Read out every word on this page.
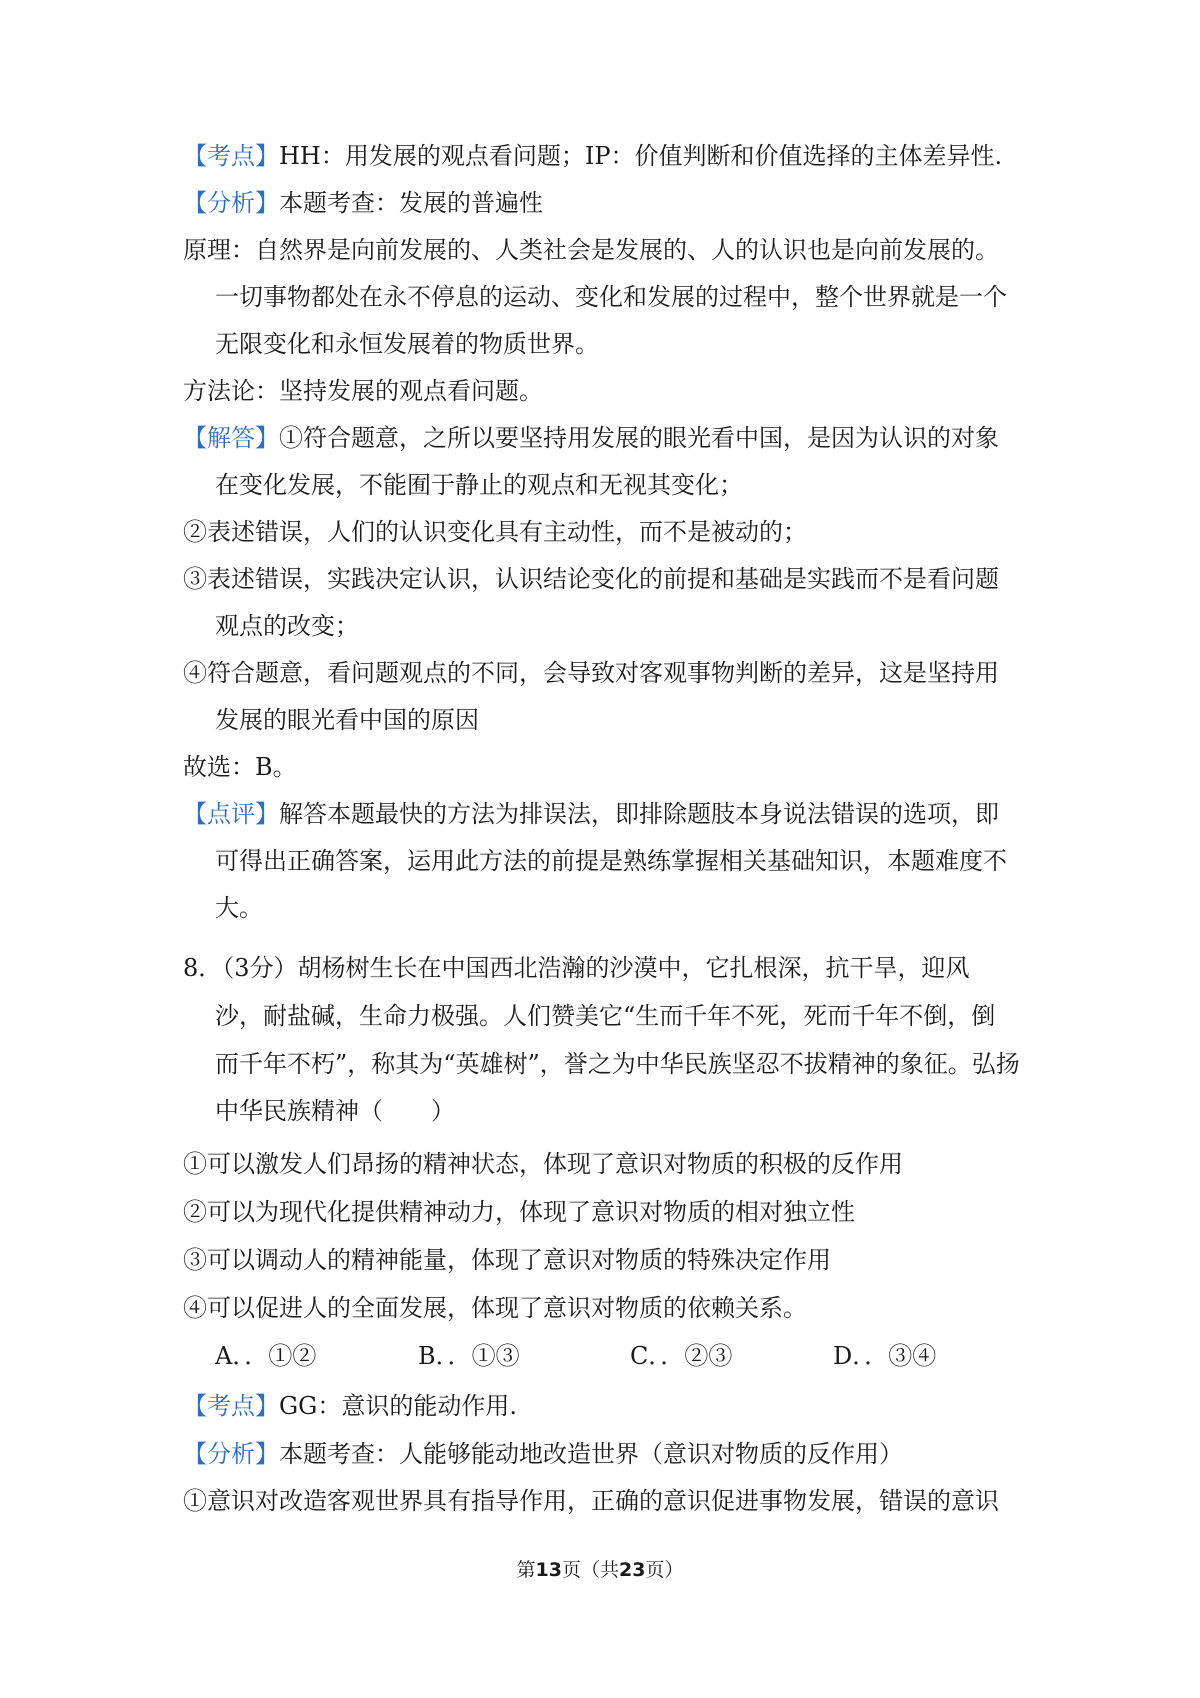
【考点】HH：用发展的观点看问题；IP：价值判断和价值选择的主体差异性.
【分析】本题考查：发展的普遍性
原理：自然界是向前发展的、人类社会是发展的、人的认识也是向前发展的。
一切事物都处在永不停息的运动、变化和发展的过程中，整个世界就是一个
无限变化和永恒发展着的物质世界。
方法论：坚持发展的观点看问题。
【解答】①符合题意，之所以要坚持用发展的眼光看中国，是因为认识的对象
在变化发展，不能囿于静止的观点和无视其变化；
②表述错误，人们的认识变化具有主动性，而不是被动的；
③表述错误，实践决定认识，认识结论变化的前提和基础是实践而不是看问题
观点的改变；
④符合题意，看问题观点的不同，会导致对客观事物判断的差异，这是坚持用
发展的眼光看中国的原因
故选：B。
【点评】解答本题最快的方法为排误法，即排除题肢本身说法错误的选项，即
可得出正确答案，运用此方法的前提是熟练掌握相关基础知识，本题难度不
大。
8．（3分）胡杨树生长在中国西北浩瀚的沙漠中，它扎根深，抗干旱，迎风
沙，耐盐碱，生命力极强。人们赞美它“生而千年不死，死而千年不倒，倒
而千年不朽”，称其为“英雄树”，誉之为中华民族坚忍不拔精神的象征。弘扬
中华民族精神（　　）
①可以激发人们昂扬的精神状态，体现了意识对物质的积极的反作用
②可以为现代化提供精神动力，体现了意识对物质的相对独立性
③可以调动人的精神能量，体现了意识对物质的特殊决定作用
④可以促进人的全面发展，体现了意识对物质的依赖关系。
A．．①②	B．．①③	C．．②③	D．．③④
【考点】GG：意识的能动作用.
【分析】本题考查：人能够能动地改造世界（意识对物质的反作用）
①意识对改造客观世界具有指导作用，正确的意识促进事物发展，错误的意识
第13页（共23页）
